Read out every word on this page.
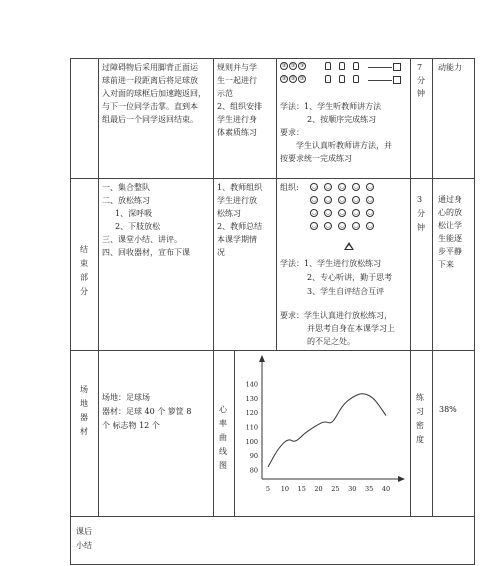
过障碍物后采用脚背正面运
球前进一段距离后将足球放
入对面的球框后加速跑返回，
与下一位同学击掌。直到本
组最后一个同学返回结束。
规则并与学
生一起进行
示范
2、组织安排
学生进行身
体素质练习
③ ③ ③
③ ③ ③
学法：1、学生听教师讲方法
2、按顺序完成练习
要求：
学生认真听教师讲方法，并
按要求统一完成练习
7
分
钟
动能力
结
束
部
分
一、集合整队
二、放松练习
1、深呼吸
2、下肢放松
三、课堂小结、讲评。
四、回收器材，宣布下课
1、教师组织
学生进行放
松练习
2、教师总结
本课学期情
况
组织: ◡ ◡ ◡ ◡ ◡
◡ ◡ ◡ ◡ ◡
◡ ◡ ◡ ◡ ◡
◡ ◡ ◡ ◡ ◡
学法：1、学生进行放松练习
2、专心听讲，勤于思考
3、学生自评结合互评
要求：学生认真进行放松练习，
并思考自身在本课学习上
的不足之处。
3
分
钟
通过身
心的放
松让学
生能逐
步平静
下来
场
地
器
材
场地：足球场
器材：足球 40 个 箩筐 8
个 标志物 12 个
心
率
曲
线
图
80
90
100
110
120
130
140
5 10 15 20 25 30 35 40
练
习
密
度
38%
课后
小结
